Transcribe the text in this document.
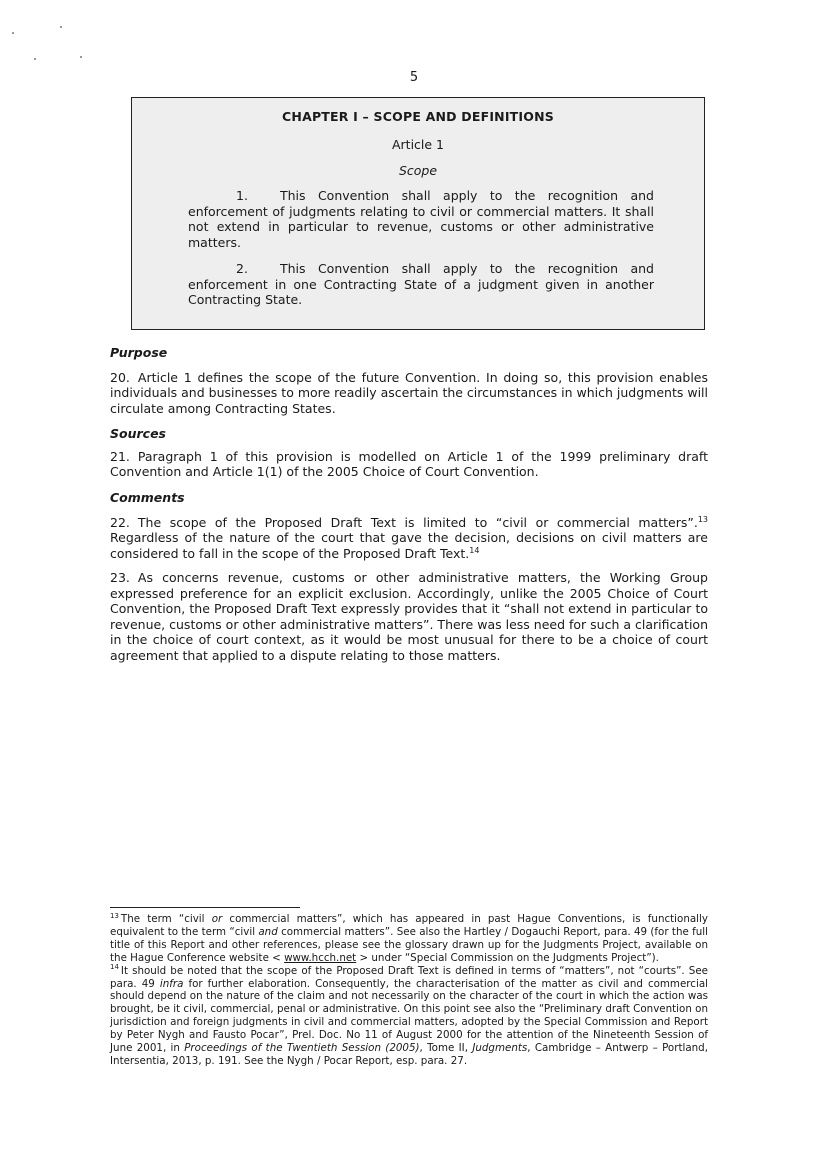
5
CHAPTER I – SCOPE AND DEFINITIONS
Article 1
Scope
1.	This Convention shall apply to the recognition and enforcement of judgments relating to civil or commercial matters. It shall not extend in particular to revenue, customs or other administrative matters.
2.	This Convention shall apply to the recognition and enforcement in one Contracting State of a judgment given in another Contracting State.

Purpose

20. Article 1 defines the scope of the future Convention. In doing so, this provision enables individuals and businesses to more readily ascertain the circumstances in which judgments will circulate among Contracting States.

Sources

21. Paragraph 1 of this provision is modelled on Article 1 of the 1999 preliminary draft Convention and Article 1(1) of the 2005 Choice of Court Convention.

Comments

22. The scope of the Proposed Draft Text is limited to “civil or commercial matters”.$^{13}$ Regardless of the nature of the court that gave the decision, decisions on civil matters are considered to fall in the scope of the Proposed Draft Text.$^{14}$

23. As concerns revenue, customs or other administrative matters, the Working Group expressed preference for an explicit exclusion. Accordingly, unlike the 2005 Choice of Court Convention, the Proposed Draft Text expressly provides that it “shall not extend in particular to revenue, customs or other administrative matters”. There was less need for such a clarification in the choice of court context, as it would be most unusual for there to be a choice of court agreement that applied to a dispute relating to those matters.

$^{13}$ The term “civil or commercial matters”, which has appeared in past Hague Conventions, is functionally equivalent to the term “civil and commercial matters”. See also the Hartley / Dogauchi Report, para. 49 (for the full title of this Report and other references, please see the glossary drawn up for the Judgments Project, available on the Hague Conference website < www.hcch.net > under “Special Commission on the Judgments Project”).

$^{14}$ It should be noted that the scope of the Proposed Draft Text is defined in terms of “matters”, not “courts”. See para. 49 infra for further elaboration. Consequently, the characterisation of the matter as civil and commercial should depend on the nature of the claim and not necessarily on the character of the court in which the action was brought, be it civil, commercial, penal or administrative. On this point see also the “Preliminary draft Convention on jurisdiction and foreign judgments in civil and commercial matters, adopted by the Special Commission and Report by Peter Nygh and Fausto Pocar”, Prel. Doc. No 11 of August 2000 for the attention of the Nineteenth Session of June 2001, in Proceedings of the Twentieth Session (2005), Tome II, Judgments, Cambridge – Antwerp – Portland, Intersentia, 2013, p. 191. See the Nygh / Pocar Report, esp. para. 27.
